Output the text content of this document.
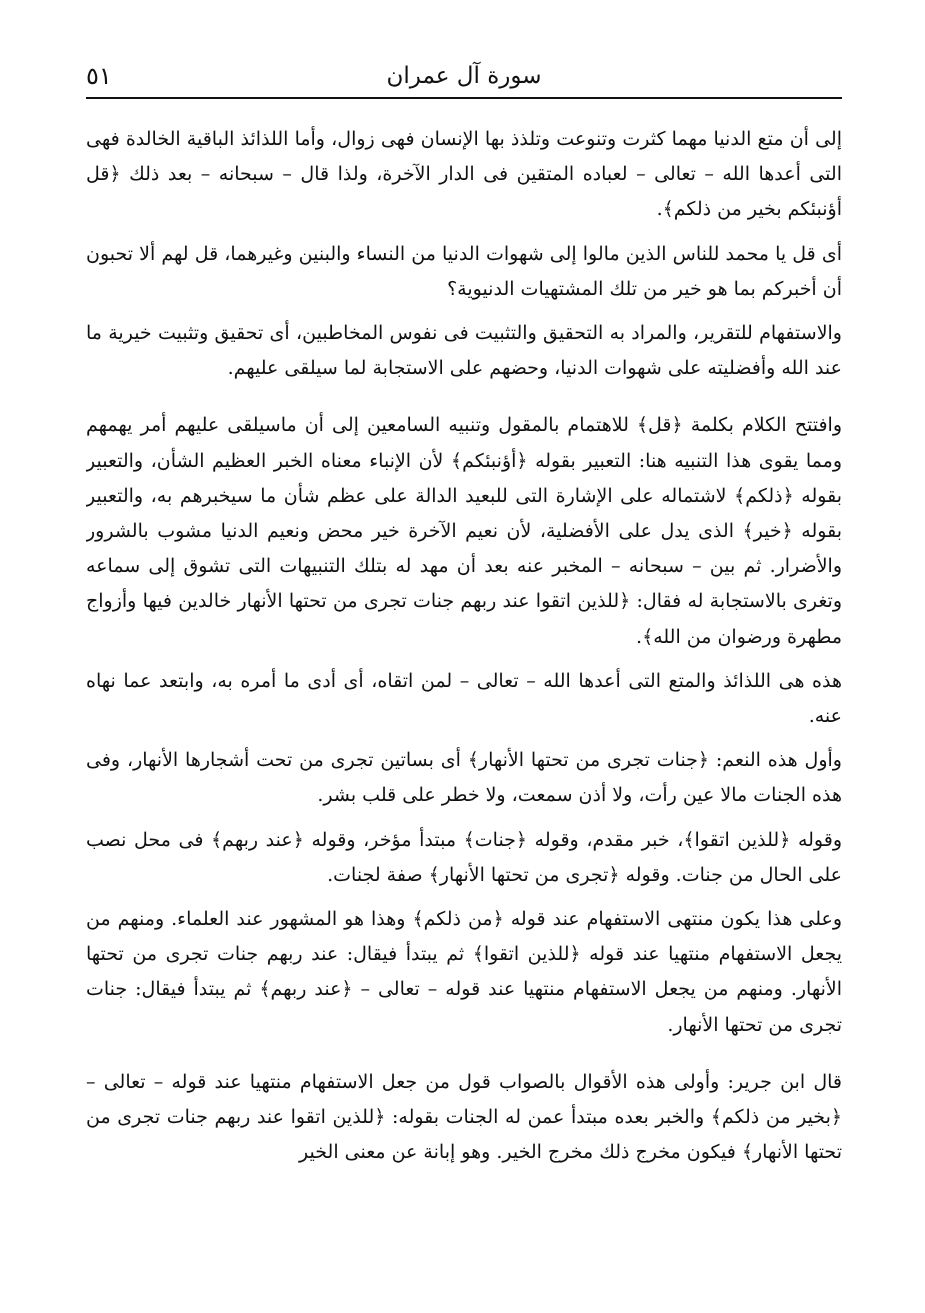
٥١	سورة آل عمران

إلى أن متع الدنيا مهما كثرت وتنوعت وتلذذ بها الإنسان فهى زوال، وأما اللذائذ الباقية الخالدة فهى التى أعدها الله – تعالى – لعباده المتقين فى الدار الآخرة، ولذا قال – سبحانه – بعد ذلك ﴿قل أؤنبئكم بخير من ذلكم﴾.

أى قل يا محمد للناس الذين مالوا إلى شهوات الدنيا من النساء والبنين وغيرهما، قل لهم ألا تحبون أن أخبركم بما هو خير من تلك المشتهيات الدنيوية؟

والاستفهام للتقرير، والمراد به التحقيق والتثبيت فى نفوس المخاطبين، أى تحقيق وتثبيت خيرية ما عند الله وأفضليته على شهوات الدنيا، وحضهم على الاستجابة لما سيلقى عليهم.

وافتتح الكلام بكلمة ﴿قل﴾ للاهتمام بالمقول وتنبيه السامعين إلى أن ماسيلقى عليهم أمر يهمهم ومما يقوى هذا التنبيه هنا: التعبير بقوله ﴿أؤنبئكم﴾ لأن الإنباء معناه الخبر العظيم الشأن، والتعبير بقوله ﴿ذلكم﴾ لاشتماله على الإشارة التى للبعيد الدالة على عظم شأن ما سيخبرهم به، والتعبير بقوله ﴿خير﴾ الذى يدل على الأفضلية، لأن نعيم الآخرة خير محض ونعيم الدنيا مشوب بالشرور والأضرار. ثم بين – سبحانه – المخبر عنه بعد أن مهد له بتلك التنبيهات التى تشوق إلى سماعه وتغرى بالاستجابة له فقال: ﴿للذين اتقوا عند ربهم جنات تجرى من تحتها الأنهار خالدين فيها وأزواج مطهرة ورضوان من الله﴾.

هذه هى اللذائذ والمتع التى أعدها الله – تعالى – لمن اتقاه، أى أدى ما أمره به، وابتعد عما نهاه عنه.

وأول هذه النعم: ﴿جنات تجرى من تحتها الأنهار﴾ أى بساتين تجرى من تحت أشجارها الأنهار، وفى هذه الجنات مالا عين رأت، ولا أذن سمعت، ولا خطر على قلب بشر.

وقوله ﴿للذين اتقوا﴾، خبر مقدم، وقوله ﴿جنات﴾ مبتدأ مؤخر، وقوله ﴿عند ربهم﴾ فى محل نصب على الحال من جنات. وقوله ﴿تجرى من تحتها الأنهار﴾ صفة لجنات.

وعلى هذا يكون منتهى الاستفهام عند قوله ﴿من ذلكم﴾ وهذا هو المشهور عند العلماء. ومنهم من يجعل الاستفهام منتهيا عند قوله ﴿للذين اتقوا﴾ ثم يبتدأ فيقال: عند ربهم جنات تجرى من تحتها الأنهار. ومنهم من يجعل الاستفهام منتهيا عند قوله – تعالى – ﴿عند ربهم﴾ ثم يبتدأ فيقال: جنات تجرى من تحتها الأنهار.

قال ابن جرير: وأولى هذه الأقوال بالصواب قول من جعل الاستفهام منتهيا عند قوله – تعالى – ﴿بخير من ذلكم﴾ والخبر بعده مبتدأ عمن له الجنات بقوله: ﴿للذين اتقوا عند ربهم جنات تجرى من تحتها الأنهار﴾ فيكون مخرج ذلك مخرج الخير. وهو إبانة عن معنى الخير
